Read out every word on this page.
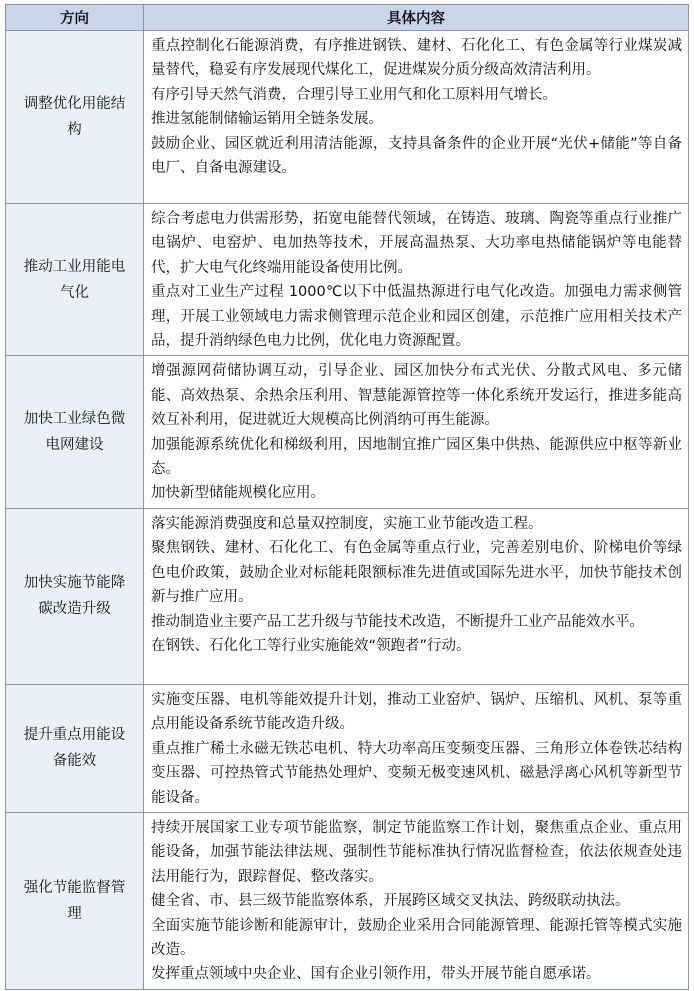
方向	具体内容
调整优化用能结构	重点控制化石能源消费，有序推进钢铁、建材、石化化工、有色金属等行业煤炭减量替代，稳妥有序发展现代煤化工，促进煤炭分质分级高效清洁利用。

有序引导天然气消费，合理引导工业用气和化工原料用气增长。

推进氢能制储输运销用全链条发展。

鼓励企业、园区就近利用清洁能源，支持具备条件的企业开展“光伏+储能”等自备电厂、自备电源建设。

推动工业用能电气化	综合考虑电力供需形势，拓宽电能替代领域，在铸造、玻璃、陶瓷等重点行业推广电锅炉、电窑炉、电加热等技术，开展高温热泵、大功率电热储能锅炉等电能替代，扩大电气化终端用能设备使用比例。

重点对工业生产过程 1000℃以下中低温热源进行电气化改造。加强电力需求侧管理，开展工业领域电力需求侧管理示范企业和园区创建，示范推广应用相关技术产品，提升消纳绿色电力比例，优化电力资源配置。

加快工业绿色微电网建设	增强源网荷储协调互动，引导企业、园区加快分布式光伏、分散式风电、多元储能、高效热泵、余热余压利用、智慧能源管控等一体化系统开发运行，推进多能高效互补利用，促进就近大规模高比例消纳可再生能源。

加强能源系统优化和梯级利用，因地制宜推广园区集中供热、能源供应中枢等新业态。

加快新型储能规模化应用。

加快实施节能降碳改造升级	落实能源消费强度和总量双控制度，实施工业节能改造工程。

聚焦钢铁、建材、石化化工、有色金属等重点行业，完善差别电价、阶梯电价等绿色电价政策，鼓励企业对标能耗限额标准先进值或国际先进水平，加快节能技术创新与推广应用。

推动制造业主要产品工艺升级与节能技术改造，不断提升工业产品能效水平。

在钢铁、石化化工等行业实施能效“领跑者”行动。

提升重点用能设备能效	实施变压器、电机等能效提升计划，推动工业窑炉、锅炉、压缩机、风机、泵等重点用能设备系统节能改造升级。

重点推广稀土永磁无铁芯电机、特大功率高压变频变压器、三角形立体卷铁芯结构变压器、可控热管式节能热处理炉、变频无极变速风机、磁悬浮离心风机等新型节能设备。

强化节能监督管理	持续开展国家工业专项节能监察，制定节能监察工作计划，聚焦重点企业、重点用能设备，加强节能法律法规、强制性节能标准执行情况监督检查，依法依规查处违法用能行为，跟踪督促、整改落实。

健全省、市、县三级节能监察体系，开展跨区域交叉执法、跨级联动执法。

全面实施节能诊断和能源审计，鼓励企业采用合同能源管理、能源托管等模式实施改造。

发挥重点领域中央企业、国有企业引领作用，带头开展节能自愿承诺。
